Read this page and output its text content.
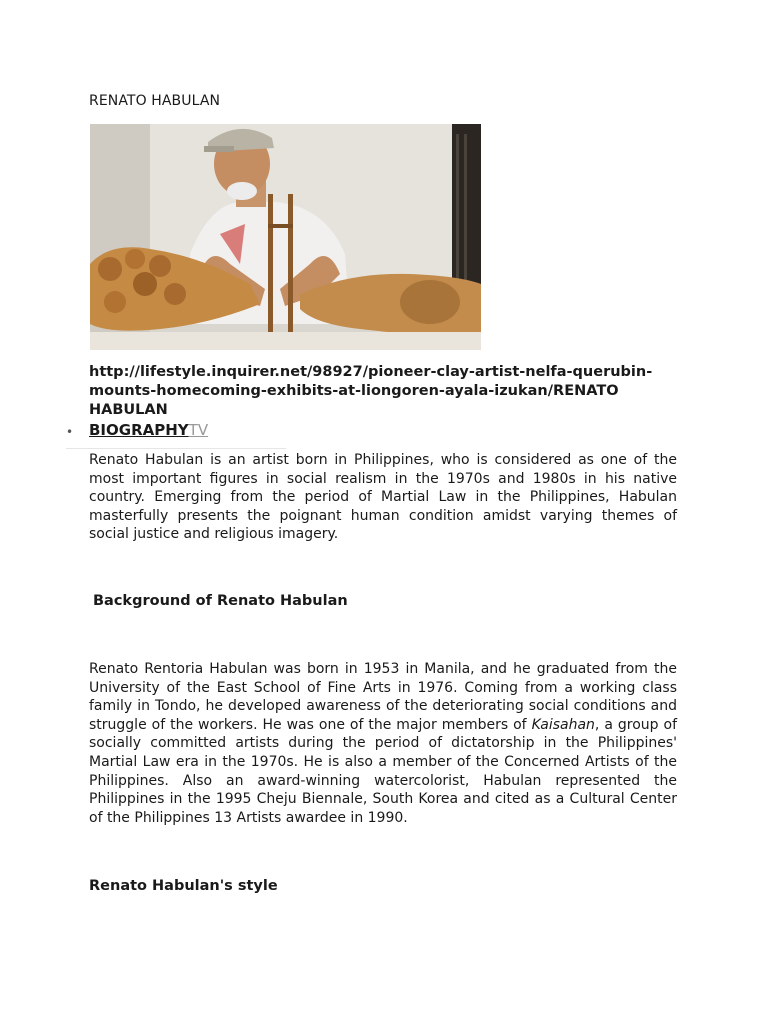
RENATO HABULAN
http://lifestyle.inquirer.net/98927/pioneer-clay-artist-nelfa-querubin-mounts-homecoming-exhibits-at-liongoren-ayala-izukan/RENATO HABULAN
• BIOGRAPHYTV
Renato Habulan is an artist born in Philippines, who is considered as one of the most important figures in social realism in the 1970s and 1980s in his native country. Emerging from the period of Martial Law in the Philippines, Habulan masterfully presents the poignant human condition amidst varying themes of social justice and religious imagery.
Background of Renato Habulan
Renato Rentoria Habulan was born in 1953 in Manila, and he graduated from the University of the East School of Fine Arts in 1976. Coming from a working class family in Tondo, he developed awareness of the deteriorating social conditions and struggle of the workers. He was one of the major members of Kaisahan, a group of socially committed artists during the period of dictatorship in the Philippines' Martial Law era in the 1970s. He is also a member of the Concerned Artists of the Philippines. Also an award-winning watercolorist, Habulan represented the Philippines in the 1995 Cheju Biennale, South Korea and cited as a Cultural Center of the Philippines 13 Artists awardee in 1990.
Renato Habulan's style
